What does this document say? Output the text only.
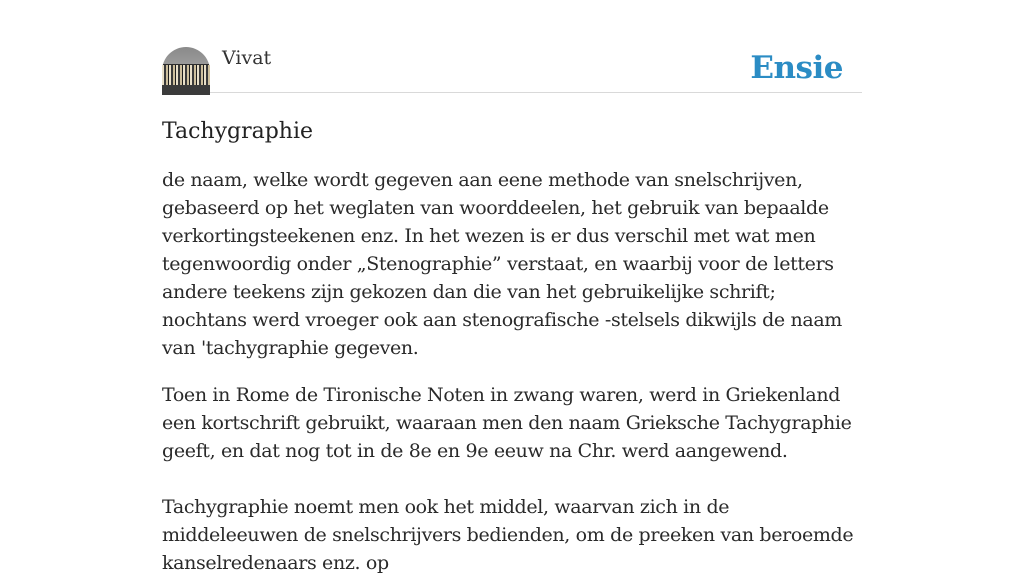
Vivat	Ensie
Tachygraphie

de naam, welke wordt gegeven aan eene methode van snelschrijven, gebaseerd op het weglaten van woorddeelen, het gebruik van bepaalde verkortingsteekenen enz. In het wezen is er dus verschil met wat men tegenwoordig onder „Stenographie” verstaat, en waarbij voor de letters andere teekens zijn gekozen dan die van het gebruikelijke schrift; nochtans werd vroeger ook aan stenografische -stelsels dikwijls de naam van 'tachygraphie gegeven.

Toen in Rome de Tironische Noten in zwang waren, werd in Griekenland een kortschrift gebruikt, waaraan men den naam Grieksche Tachygraphie geeft, en dat nog tot in de 8e en 9e eeuw na Chr. werd aangewend.

Tachygraphie noemt men ook het middel, waarvan zich in de middeleeuwen de snelschrijvers bedienden, om de preeken van beroemde kanselredenaars enz. op
